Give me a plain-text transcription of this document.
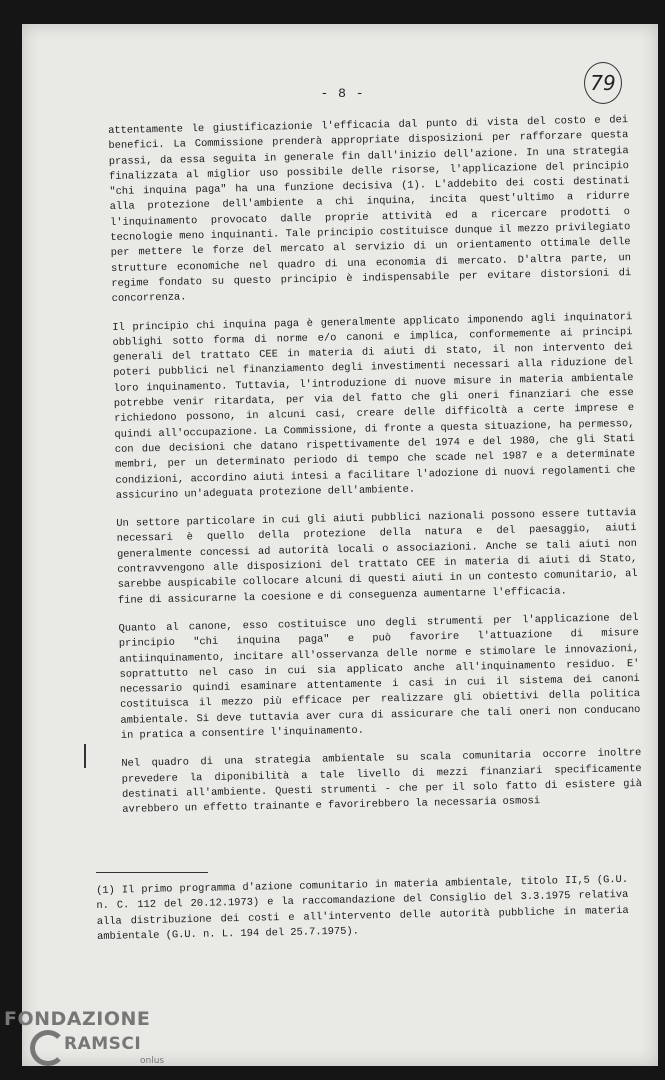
- 8 -	79

attentamente le giustificazionie l'efficacia dal punto di vista del costo e dei benefici. La Commissione prenderà appropriate disposizioni per rafforzare questa prassi, da essa seguita in generale fin dall'inizio dell'azione. In una strategia finalizzata al miglior uso possibile delle risorse, l'applicazione del principio "chi inquina paga" ha una funzione decisiva (1). L'addebito dei costi destinati alla protezione dell'ambiente a chi inquina, incita quest'ultimo a ridurre l'inquinamento provocato dalle proprie attività ed a ricercare prodotti o tecnologie meno inquinanti. Tale principio costituisce dunque il mezzo privilegiato per mettere le forze del mercato al servizio di un orientamento ottimale delle strutture economiche nel quadro di una economia di mercato. D'altra parte, un regime fondato su questo principio è indispensabile per evitare distorsioni di concorrenza.

Il principio chi inquina paga è generalmente applicato imponendo agli inquinatori obblighi sotto forma di norme e/o canoni e implica, conformemente ai principi generali del trattato CEE in materia di aiuti di stato, il non intervento dei poteri pubblici nel finanziamento degli investimenti necessari alla riduzione del loro inquinamento. Tuttavia, l'introduzione di nuove misure in materia ambientale potrebbe venir ritardata, per via del fatto che gli oneri finanziari che esse richiedono possono, in alcuni casi, creare delle difficoltà a certe imprese e quindi all'occupazione. La Commissione, di fronte a questa situazione, ha permesso, con due decisioni che datano rispettivamente del 1974 e del 1980, che gli Stati membri, per un determinato periodo di tempo che scade nel 1987 e a determinate condizioni, accordino aiuti intesi a facilitare l'adozione di nuovi regolamenti che assicurino un'adeguata protezione dell'ambiente.

Un settore particolare in cui gli aiuti pubblici nazionali possono essere tuttavia necessari è quello della protezione della natura e del paesaggio, aiuti generalmente concessi ad autorità locali o associazioni. Anche se tali aiuti non contravvengono alle disposizioni del trattato CEE in materia di aiuti di Stato, sarebbe auspicabile collocare alcuni di questi aiuti in un contesto comunitario, al fine di assicurarne la coesione e di conseguenza aumentarne l'efficacia.

Quanto al canone, esso costituisce uno degli strumenti per l'applicazione del principio "chi inquina paga" e può favorire l'attuazione di misure antiinquinamento, incitare all'osservanza delle norme e stimolare le innovazioni, soprattutto nel caso in cui sia applicato anche all'inquinamento residuo. E' necessario quindi esaminare attentamente i casi in cui il sistema dei canoni costituisca il mezzo più efficace per realizzare gli obiettivi della politica ambientale. Si deve tuttavia aver cura di assicurare che tali oneri non conducano in pratica a consentire l'inquinamento.

Nel quadro di una strategia ambientale su scala comunitaria occorre inoltre prevedere la diponibilità a tale livello di mezzi finanziari specificamente destinati all'ambiente. Questi strumenti - che per il solo fatto di esistere già avrebbero un effetto trainante e favorirebbero la necessaria osmosi

(1) Il primo programma d'azione comunitario in materia ambientale, titolo II,5 (G.U. n. C. 112 del 20.12.1973) e la raccomandazione del Consiglio del 3.3.1975 relativa alla distribuzione dei costi e all'intervento delle autorità pubbliche in materia ambientale (G.U. n. L. 194 del 25.7.1975).
FONDAZIONE
RAMSCI
onlus
